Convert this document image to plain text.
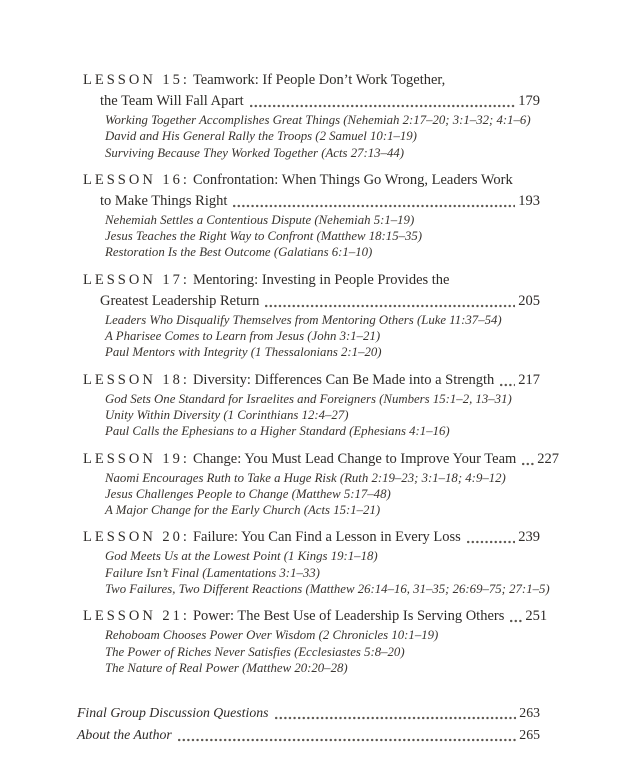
LESSON 15: Teamwork: If People Don’t Work Together,
the Team Will Fall Apart	179
Working Together Accomplishes Great Things (Nehemiah 2:17–20; 3:1–32; 4:1–6)
David and His General Rally the Troops (2 Samuel 10:1–19)
Surviving Because They Worked Together (Acts 27:13–44)
LESSON 16: Confrontation: When Things Go Wrong, Leaders Work
to Make Things Right	193
Nehemiah Settles a Contentious Dispute (Nehemiah 5:1–19)
Jesus Teaches the Right Way to Confront (Matthew 18:15–35)
Restoration Is the Best Outcome (Galatians 6:1–10)
LESSON 17: Mentoring: Investing in People Provides the
Greatest Leadership Return	205
Leaders Who Disqualify Themselves from Mentoring Others (Luke 11:37–54)
A Pharisee Comes to Learn from Jesus (John 3:1–21)
Paul Mentors with Integrity (1 Thessalonians 2:1–20)
LESSON 18: Diversity: Differences Can Be Made into a Strength 217
God Sets One Standard for Israelites and Foreigners (Numbers 15:1–2, 13–31)
Unity Within Diversity (1 Corinthians 12:4–27)
Paul Calls the Ephesians to a Higher Standard (Ephesians 4:1–16)
LESSON 19: Change: You Must Lead Change to Improve Your Team 227
Naomi Encourages Ruth to Take a Huge Risk (Ruth 2:19–23; 3:1–18; 4:9–12)
Jesus Challenges People to Change (Matthew 5:17–48)
A Major Change for the Early Church (Acts 15:1–21)
LESSON 20: Failure: You Can Find a Lesson in Every Loss	239
God Meets Us at the Lowest Point (1 Kings 19:1–18)
Failure Isn’t Final (Lamentations 3:1–33)
Two Failures, Two Different Reactions (Matthew 26:14–16, 31–35; 26:69–75; 27:1–5)
LESSON 21: Power: The Best Use of Leadership Is Serving Others 251
Rehoboam Chooses Power Over Wisdom (2 Chronicles 10:1–19)
The Power of Riches Never Satisfies (Ecclesiastes 5:8–20)
The Nature of Real Power (Matthew 20:20–28)
Final Group Discussion Questions	263
About the Author	265
